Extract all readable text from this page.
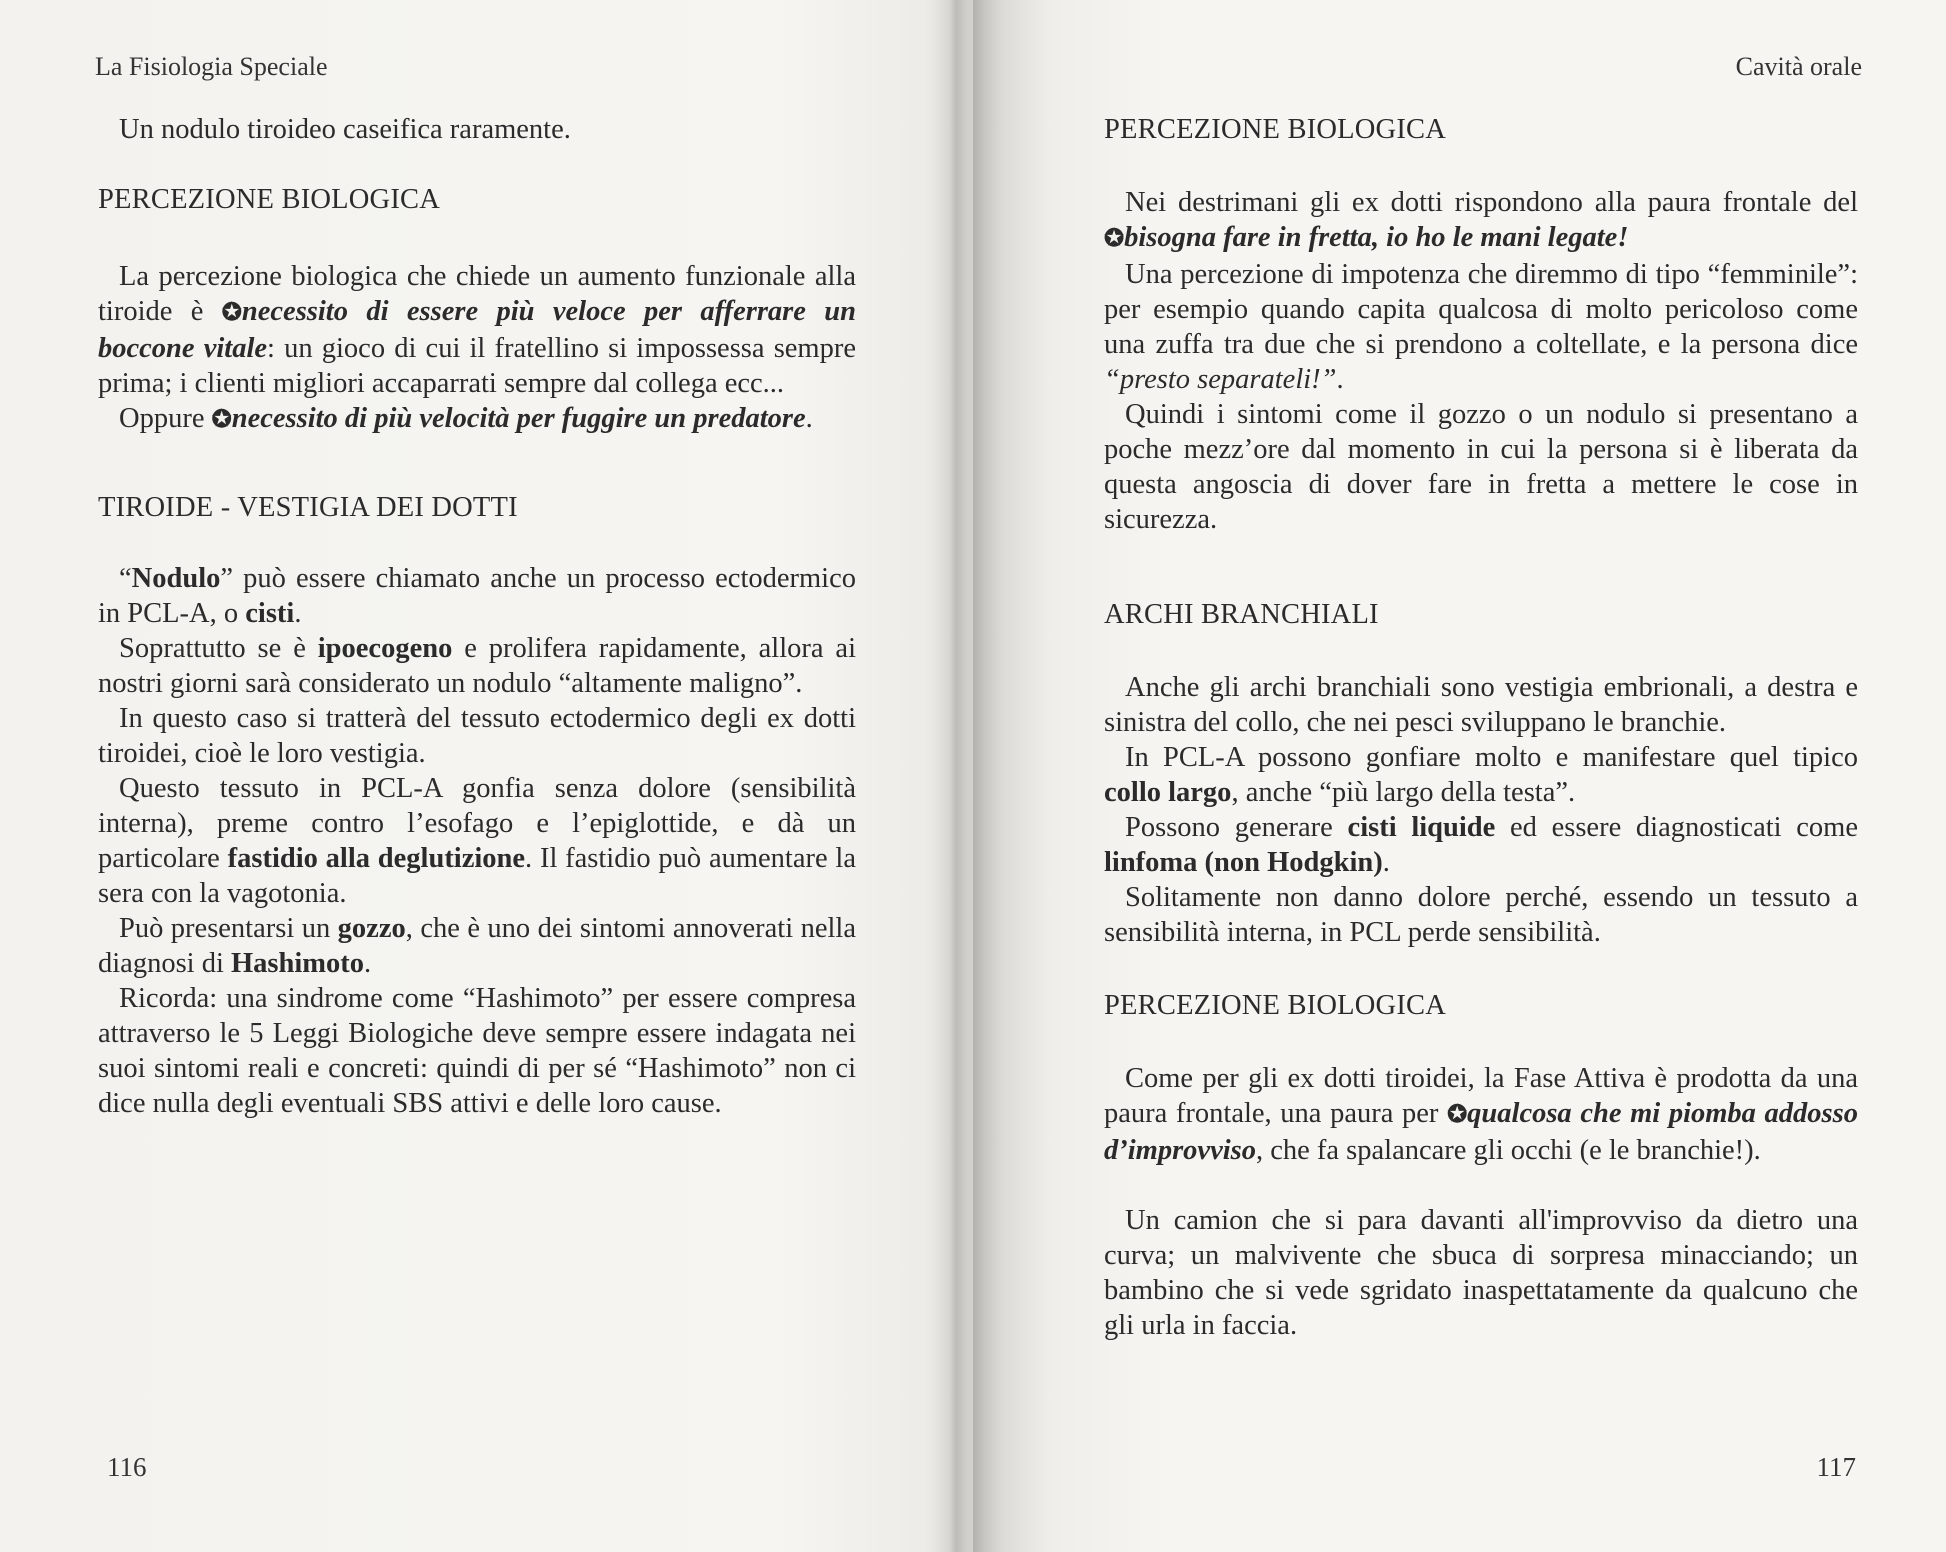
La Fisiologia Speciale

Un nodulo tiroideo caseifica raramente.

PERCEZIONE BIOLOGICA

La percezione biologica che chiede un aumento funzionale alla tiroide è ✪necessito di essere più veloce per afferrare un boccone vitale: un gioco di cui il fratellino si impossessa sempre prima; i clienti migliori accaparrati sempre dal collega ecc...

Oppure ✪necessito di più velocità per fuggire un predatore.

TIROIDE - VESTIGIA DEI DOTTI

“Nodulo” può essere chiamato anche un processo ectodermico in PCL-A, o cisti.

Soprattutto se è ipoecogeno e prolifera rapidamente, allora ai nostri giorni sarà considerato un nodulo “altamente maligno”.

In questo caso si tratterà del tessuto ectodermico degli ex dotti tiroidei, cioè le loro vestigia.

Questo tessuto in PCL-A gonfia senza dolore (sensibilità interna), preme contro l’esofago e l’epiglottide, e dà un particolare fastidio alla deglutizione. Il fastidio può aumentare la sera con la vagotonia.

Può presentarsi un gozzo, che è uno dei sintomi annoverati nella diagnosi di Hashimoto.

Ricorda: una sindrome come “Hashimoto” per essere compresa attraverso le 5 Leggi Biologiche deve sempre essere indagata nei suoi sintomi reali e concreti: quindi di per sé “Hashimoto” non ci dice nulla degli eventuali SBS attivi e delle loro cause.

116
Cavità orale
117

PERCEZIONE BIOLOGICA

Nei destrimani gli ex dotti rispondono alla paura frontale del ✪bisogna fare in fretta, io ho le mani legate!

Una percezione di impotenza che diremmo di tipo “femminile”: per esempio quando capita qualcosa di molto pericoloso come una zuffa tra due che si prendono a coltellate, e la persona dice “presto separateli!”.

Quindi i sintomi come il gozzo o un nodulo si presentano a poche mezz’ore dal momento in cui la persona si è liberata da questa angoscia di dover fare in fretta a mettere le cose in sicurezza.

ARCHI BRANCHIALI

Anche gli archi branchiali sono vestigia embrionali, a destra e sinistra del collo, che nei pesci sviluppano le branchie.

In PCL-A possono gonfiare molto e manifestare quel tipico collo largo, anche “più largo della testa”.

Possono generare cisti liquide ed essere diagnosticati come linfoma (non Hodgkin).

Solitamente non danno dolore perché, essendo un tessuto a sensibilità interna, in PCL perde sensibilità.

PERCEZIONE BIOLOGICA

Come per gli ex dotti tiroidei, la Fase Attiva è prodotta da una paura frontale, una paura per ✪qualcosa che mi piomba addosso d’improvviso, che fa spalancare gli occhi (e le branchie!).

Un camion che si para davanti all'improvviso da dietro una curva; un malvivente che sbuca di sorpresa minacciando; un bambino che si vede sgridato inaspettatamente da qualcuno che gli urla in faccia.
